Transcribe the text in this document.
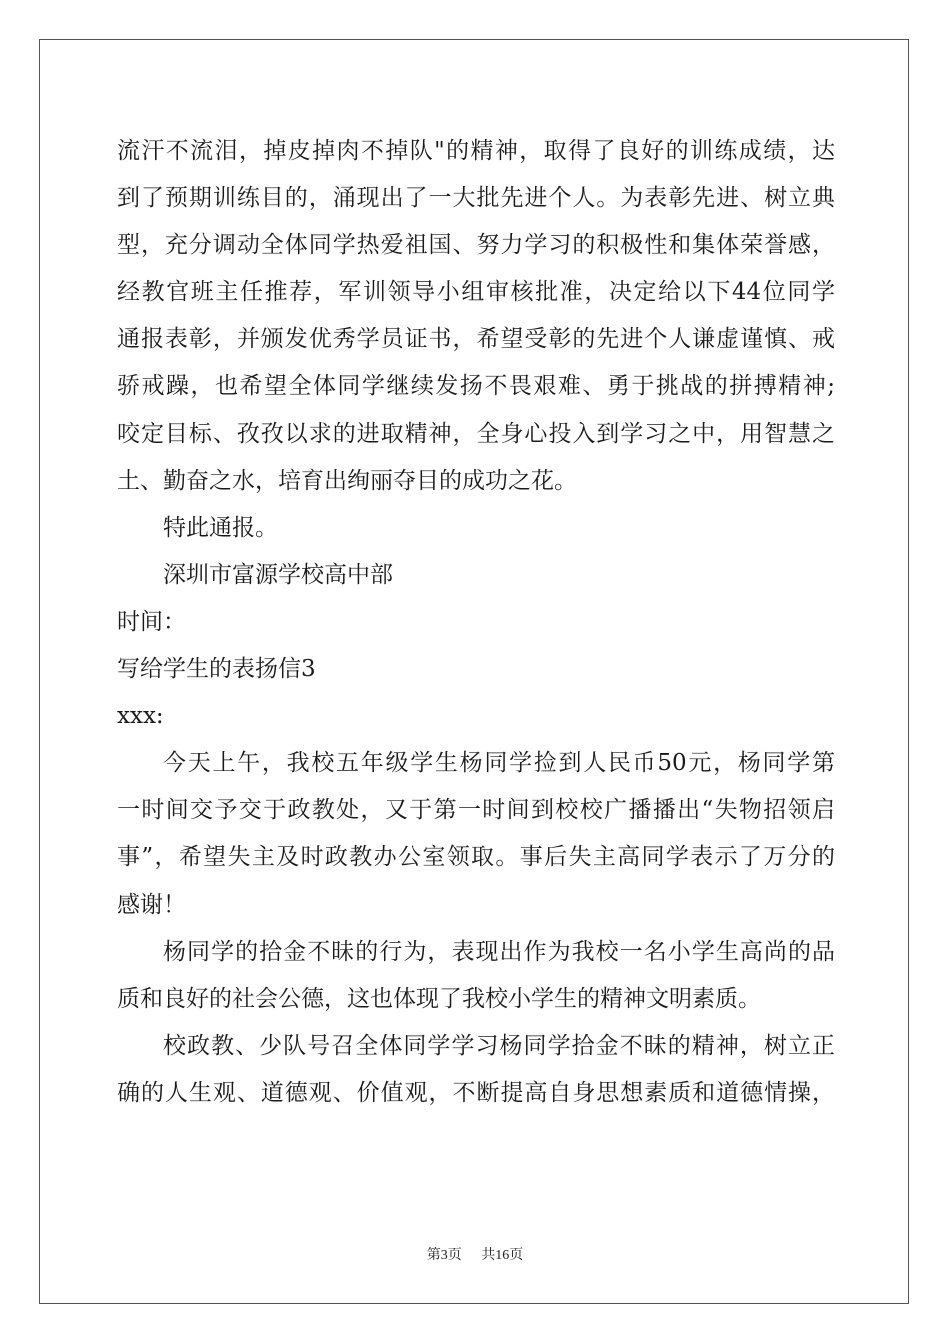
流汗不流泪，掉皮掉肉不掉队"的精神，取得了良好的训练成绩，达
到了预期训练目的，涌现出了一大批先进个人。为表彰先进、树立典
型，充分调动全体同学热爱祖国、努力学习的积极性和集体荣誉感，
经教官班主任推荐，军训领导小组审核批准，决定给以下44位同学
通报表彰，并颁发优秀学员证书，希望受彰的先进个人谦虚谨慎、戒
骄戒躁，也希望全体同学继续发扬不畏艰难、勇于挑战的拼搏精神;
咬定目标、孜孜以求的进取精神，全身心投入到学习之中，用智慧之
土、勤奋之水，培育出绚丽夺目的成功之花。
特此通报。
深圳市富源学校高中部
时间：
写给学生的表扬信3
xxx:
今天上午，我校五年级学生杨同学捡到人民币50元，杨同学第
一时间交予交于政教处，又于第一时间到校校广播播出“失物招领启
事”，希望失主及时政教办公室领取。事后失主高同学表示了万分的
感谢！
杨同学的拾金不昧的行为，表现出作为我校一名小学生高尚的品
质和良好的社会公德，这也体现了我校小学生的精神文明素质。
校政教、少队号召全体同学学习杨同学拾金不昧的精神，树立正
确的人生观、道德观、价值观，不断提高自身思想素质和道德情操，
第3页 共16页
